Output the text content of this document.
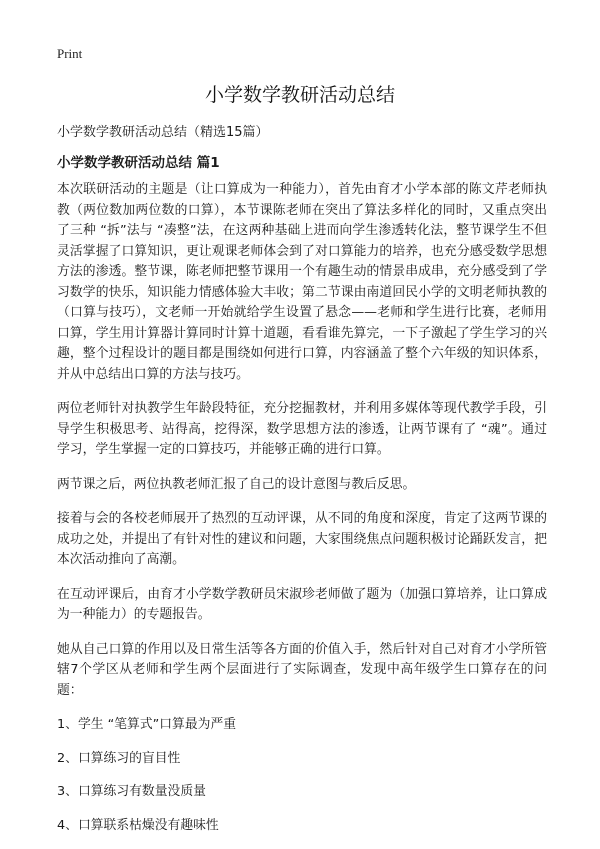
Print
小学数学教研活动总结

小学数学教研活动总结（精选15篇）

小学数学教研活动总结 篇1

本次联研活动的主题是（让口算成为一种能力），首先由育才小学本部的陈文芹老师执教（两位数加两位数的口算），本节课陈老师在突出了算法多样化的同时，又重点突出了三种 “拆”法与 “凑整”法，在这两种基础上进而向学生渗透转化法，整节课学生不但灵活掌握了口算知识，更让观课老师体会到了对口算能力的培养，也充分感受数学思想方法的渗透。整节课，陈老师把整节课用一个有趣生动的情景串成串，充分感受到了学习数学的快乐，知识能力情感体验大丰收；第二节课由南道回民小学的文明老师执教的（口算与技巧），文老师一开始就给学生设置了悬念——老师和学生进行比赛，老师用口算，学生用计算器计算同时计算十道题，看看谁先算完，一下子激起了学生学习的兴趣，整个过程设计的题目都是围绕如何进行口算，内容涵盖了整个六年级的知识体系，并从中总结出口算的方法与技巧。

两位老师针对执教学生年龄段特征，充分挖掘教材，并利用多媒体等现代教学手段，引导学生积极思考、站得高，挖得深，数学思想方法的渗透，让两节课有了 “魂”。通过学习，学生掌握一定的口算技巧，并能够正确的进行口算。

两节课之后，两位执教老师汇报了自己的设计意图与教后反思。

接着与会的各校老师展开了热烈的互动评课，从不同的角度和深度，肯定了这两节课的成功之处，并提出了有针对性的建议和问题，大家围绕焦点问题积极讨论踊跃发言，把本次活动推向了高潮。

在互动评课后，由育才小学数学教研员宋淑珍老师做了题为（加强口算培养，让口算成为一种能力）的专题报告。

她从自己口算的作用以及日常生活等各方面的价值入手，然后针对自己对育才小学所管辖7个学区从老师和学生两个层面进行了实际调查，发现中高年级学生口算存在的问题：

1、学生 “笔算式”口算最为严重

2、口算练习的盲目性

3、口算练习有数量没质量

4、口算联系枯燥没有趣味性
